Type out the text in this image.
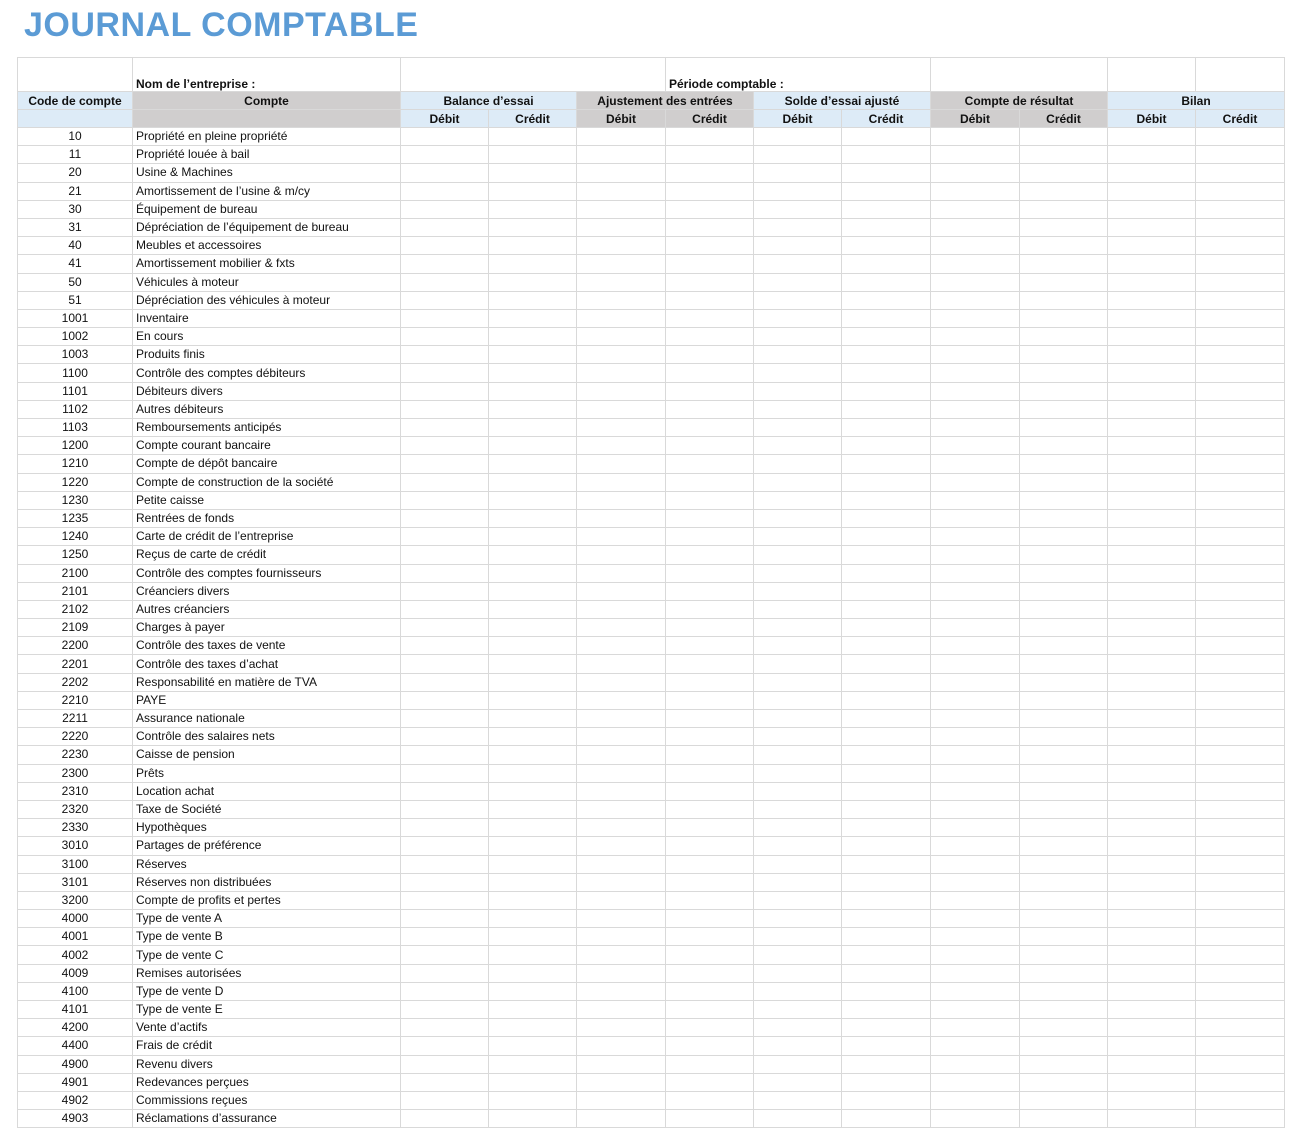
JOURNAL COMPTABLE
	Nom de l’entreprise :				Période comptable :						
Code de compte	Compte	Balance d’essai		Ajustement des entrées		Solde d’essai ajusté		Compte de résultat		Bilan	
		Débit	Crédit	Débit	Crédit	Débit	Crédit	Débit	Crédit	Débit	Crédit
10	Propriété en pleine propriété										
11	Propriété louée à bail										
20	Usine & Machines										
21	Amortissement de l’usine & m/cy										
30	Équipement de bureau										
31	Dépréciation de l’équipement de bureau										
40	Meubles et accessoires										
41	Amortissement mobilier & fxts										
50	Véhicules à moteur										
51	Dépréciation des véhicules à moteur										
1001	Inventaire										
1002	En cours										
1003	Produits finis										
1100	Contrôle des comptes débiteurs										
1101	Débiteurs divers										
1102	Autres débiteurs										
1103	Remboursements anticipés										
1200	Compte courant bancaire										
1210	Compte de dépôt bancaire										
1220	Compte de construction de la société										
1230	Petite caisse										
1235	Rentrées de fonds										
1240	Carte de crédit de l’entreprise										
1250	Reçus de carte de crédit										
2100	Contrôle des comptes fournisseurs										
2101	Créanciers divers										
2102	Autres créanciers										
2109	Charges à payer										
2200	Contrôle des taxes de vente										
2201	Contrôle des taxes d’achat										
2202	Responsabilité en matière de TVA										
2210	PAYE										
2211	Assurance nationale										
2220	Contrôle des salaires nets										
2230	Caisse de pension										
2300	Prêts										
2310	Location achat										
2320	Taxe de Société										
2330	Hypothèques										
3010	Partages de préférence										
3100	Réserves										
3101	Réserves non distribuées										
3200	Compte de profits et pertes										
4000	Type de vente A										
4001	Type de vente B										
4002	Type de vente C										
4009	Remises autorisées										
4100	Type de vente D										
4101	Type de vente E										
4200	Vente d’actifs										
4400	Frais de crédit										
4900	Revenu divers										
4901	Redevances perçues										
4902	Commissions reçues										
4903	Réclamations d’assurance										
